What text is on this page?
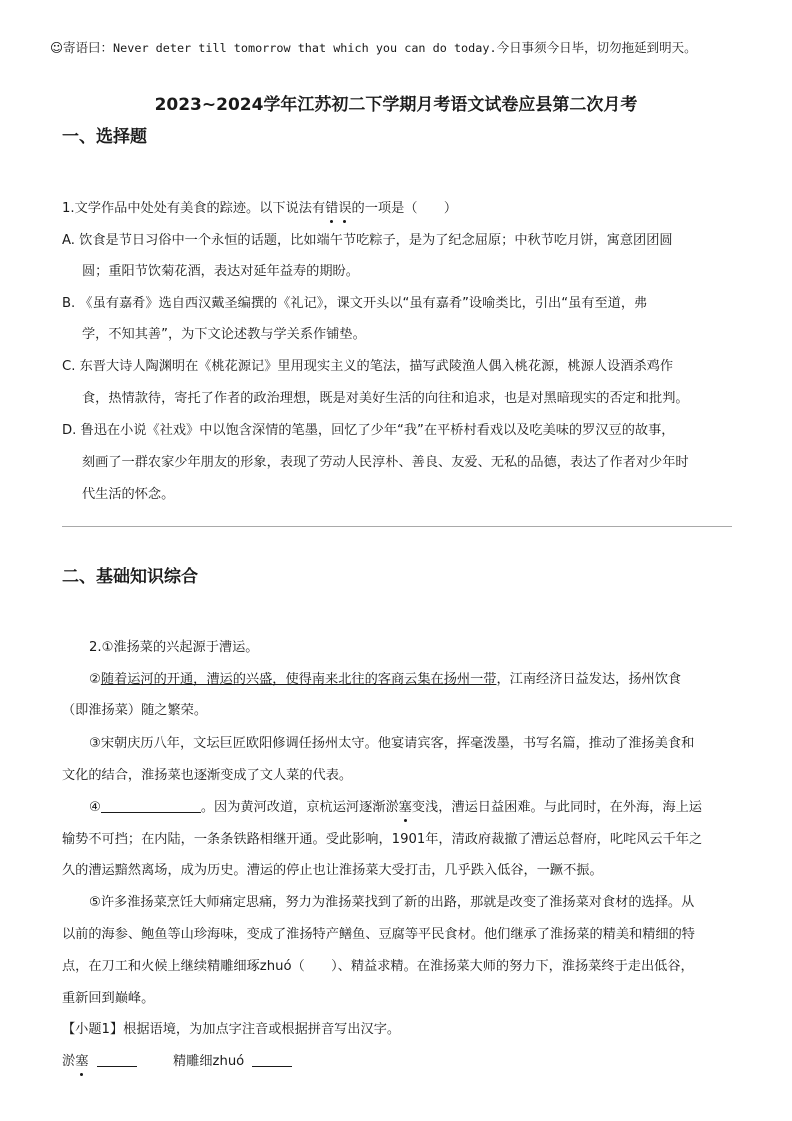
☺寄语曰：Never deter till tomorrow that which you can do today.今日事须今日毕，切勿拖延到明天。
2023~2024学年江苏初二下学期月考语文试卷应县第二次月考
一、选择题
1.文学作品中处处有美食的踪迹。以下说法有错误的一项是（　　）
A. 饮食是节日习俗中一个永恒的话题，比如端午节吃粽子，是为了纪念屈原；中秋节吃月饼，寓意团团圆
圆；重阳节饮菊花酒，表达对延年益寿的期盼。
B. 《虽有嘉肴》选自西汉戴圣编撰的《礼记》，课文开头以“虽有嘉肴”设喻类比，引出“虽有至道，弗
学，不知其善”，为下文论述教与学关系作铺垫。
C. 东晋大诗人陶渊明在《桃花源记》里用现实主义的笔法，描写武陵渔人偶入桃花源，桃源人设酒杀鸡作
食，热情款待，寄托了作者的政治理想，既是对美好生活的向往和追求，也是对黑暗现实的否定和批判。
D. 鲁迅在小说《社戏》中以饱含深情的笔墨，回忆了少年“我”在平桥村看戏以及吃美味的罗汉豆的故事，
刻画了一群农家少年朋友的形象，表现了劳动人民淳朴、善良、友爱、无私的品德，表达了作者对少年时
代生活的怀念。
二、基础知识综合
2.①淮扬菜的兴起源于漕运。
②随着运河的开通，漕运的兴盛，使得南来北往的客商云集在扬州一带，江南经济日益发达，扬州饮食
（即淮扬菜）随之繁荣。
③宋朝庆历八年，文坛巨匠欧阳修调任扬州太守。他宴请宾客，挥毫泼墨，书写名篇，推动了淮扬美食和
文化的结合，淮扬菜也逐渐变成了文人菜的代表。
④	。因为黄河改道，京杭运河逐渐淤塞变浅，漕运日益困难。与此同时，在外海，海上运
输势不可挡；在内陆，一条条铁路相继开通。受此影响，1901年，清政府裁撤了漕运总督府，叱咤风云千年之
久的漕运黯然离场，成为历史。漕运的停止也让淮扬菜大受打击，几乎跌入低谷，一蹶不振。
⑤许多淮扬菜烹饪大师痛定思痛，努力为淮扬菜找到了新的出路，那就是改变了淮扬菜对食材的选择。从
以前的海参、鲍鱼等山珍海味，变成了淮扬特产鳝鱼、豆腐等平民食材。他们继承了淮扬菜的精美和精细的特
点，在刀工和火候上继续精雕细琢zhuó（　　）、精益求精。在淮扬菜大师的努力下，淮扬菜终于走出低谷，
重新回到巅峰。
【小题1】根据语境，为加点字注音或根据拼音写出汉字。
淤塞	精雕细zhuó
